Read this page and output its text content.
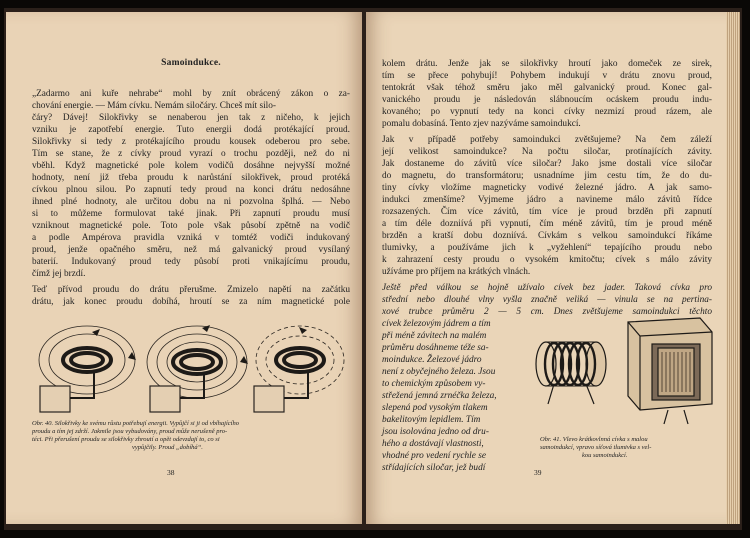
Samoindukce.
„Zadarmo ani kuře nehrabe“ mohl by znít obrácený zákon o za-
chování energie. — Mám cívku. Nemám siločáry. Chceš mít silo-
čáry? Dávej! Silokřivky se nenaberou jen tak z ničeho, k jejich
vzniku je zapotřebí energie. Tuto energii dodá protékající proud.
Silokřivky si tedy z protékajícího proudu kousek odeberou pro sebe.
Tím se stane, že z cívky proud vyrazí o trochu později, než do ni
vběhl. Když magnetické pole kolem vodičů dosáhne nejvyšší možné
hodnoty, není již třeba proudu k narůstání silokřivek, proud protéká
cívkou plnou silou. Po zapnutí tedy proud na konci drátu nedosáhne
ihned plné hodnoty, ale určitou dobu na ni pozvolna šplhá. — Nebo
si to můžeme formulovat také jinak. Při zapnutí proudu musí
vzniknout magnetické pole. Toto pole však působí zpětně na vodič
a podle Ampérova pravidla vzniká v tomtéž vodiči indukovaný
proud, jenže opačného směru, než má galvanický proud vysílaný
baterií. Indukovaný proud tedy působí proti vnikajícímu proudu,
čímž jej brzdí.
Teď přívod proudu do drátu přerušme. Zmizelo napětí na začátku
drátu, jak konec proudu dobíhá, hroutí se za ním magnetické pole
Obr. 40. Silokřivky ke svému růstu potřebují energii. Vypůjčí si ji od vbíhajícího
proudu a tím jej zdrží. Jakmile jsou vybudovány, proud může nerušeně pro-
téci. Při přerušení proudu se silokřivky zhroutí a opět odevzdají to, co si
vypůjčily. Proud „dobíhá“.
38
kolem drátu. Jenže jak se silokřivky hroutí jako domeček ze sirek,
tím se přece pohybují! Pohybem indukují v drátu znovu proud,
tentokrát však téhož směru jako měl galvanický proud. Konec gal-
vanického proudu je následován slábnoucím ocáskem proudu indu-
kovaného; po vypnutí tedy na konci cívky nezmizí proud rázem, ale
pomalu dobasíná. Tento zjev nazýváme samoindukcí.
Jak v případě potřeby samoindukci zvětšujeme? Na čem záleží
její velikost samoindukce? Na počtu siločar, protínajících závity.
Jak dostaneme do závitů více siločar? Jako jsme dostali více siločar
do magnetu, do transformátoru; usnadníme jim cestu tím, že do du-
tiny cívky vložíme magneticky vodivé železné jádro. A jak samo-
indukci zmenšíme? Vyjmeme jádro a navineme málo závitů řídce
rozsazených. Čím více závitů, tím více je proud brzděn při zapnutí
a tím déle dozniívá při vypnutí, čím méně závitů, tím je proud méně
brzděn a kratší dobu dozniívá. Cívkám s velkou samoindukcí říkáme
tlumivky, a používáme jich k „vyžehlení“ tepajícího proudu nebo
k zahrazení cesty proudu o vysokém kmitočtu; cívek s málo závity
užíváme pro příjem na krátkých vlnách.
Ještě před válkou se hojně užívalo cívek bez jader. Taková cívka pro
střední nebo dlouhé vlny vyšla značně veliká — vinula se na pertina-
xové trubce průměru 2 — 5 cm. Dnes zvětšujeme samoindukci těchto
cívek železovým jádrem a tím
při méně závitech na malém
průměru dosáhneme téže sa-
moindukce. Železové jádro
není z obyčejného železa. Jsou
to chemickým způsobem vy-
střežená jemná zrnéčka železa,
slepená pod vysokým tlakem
bakelitovým lepidlem. Tím
jsou isolována jedno od dru-
hého a dostávají vlastnosti,
vhodné pro vedení rychle se
střídajících siločar, jež budí
Obr. 41. Vlevo krátkovlnná cívka s malou
samoindukcí, vpravo síťová tlumivka s vel-
kou samoindukcí.
39
